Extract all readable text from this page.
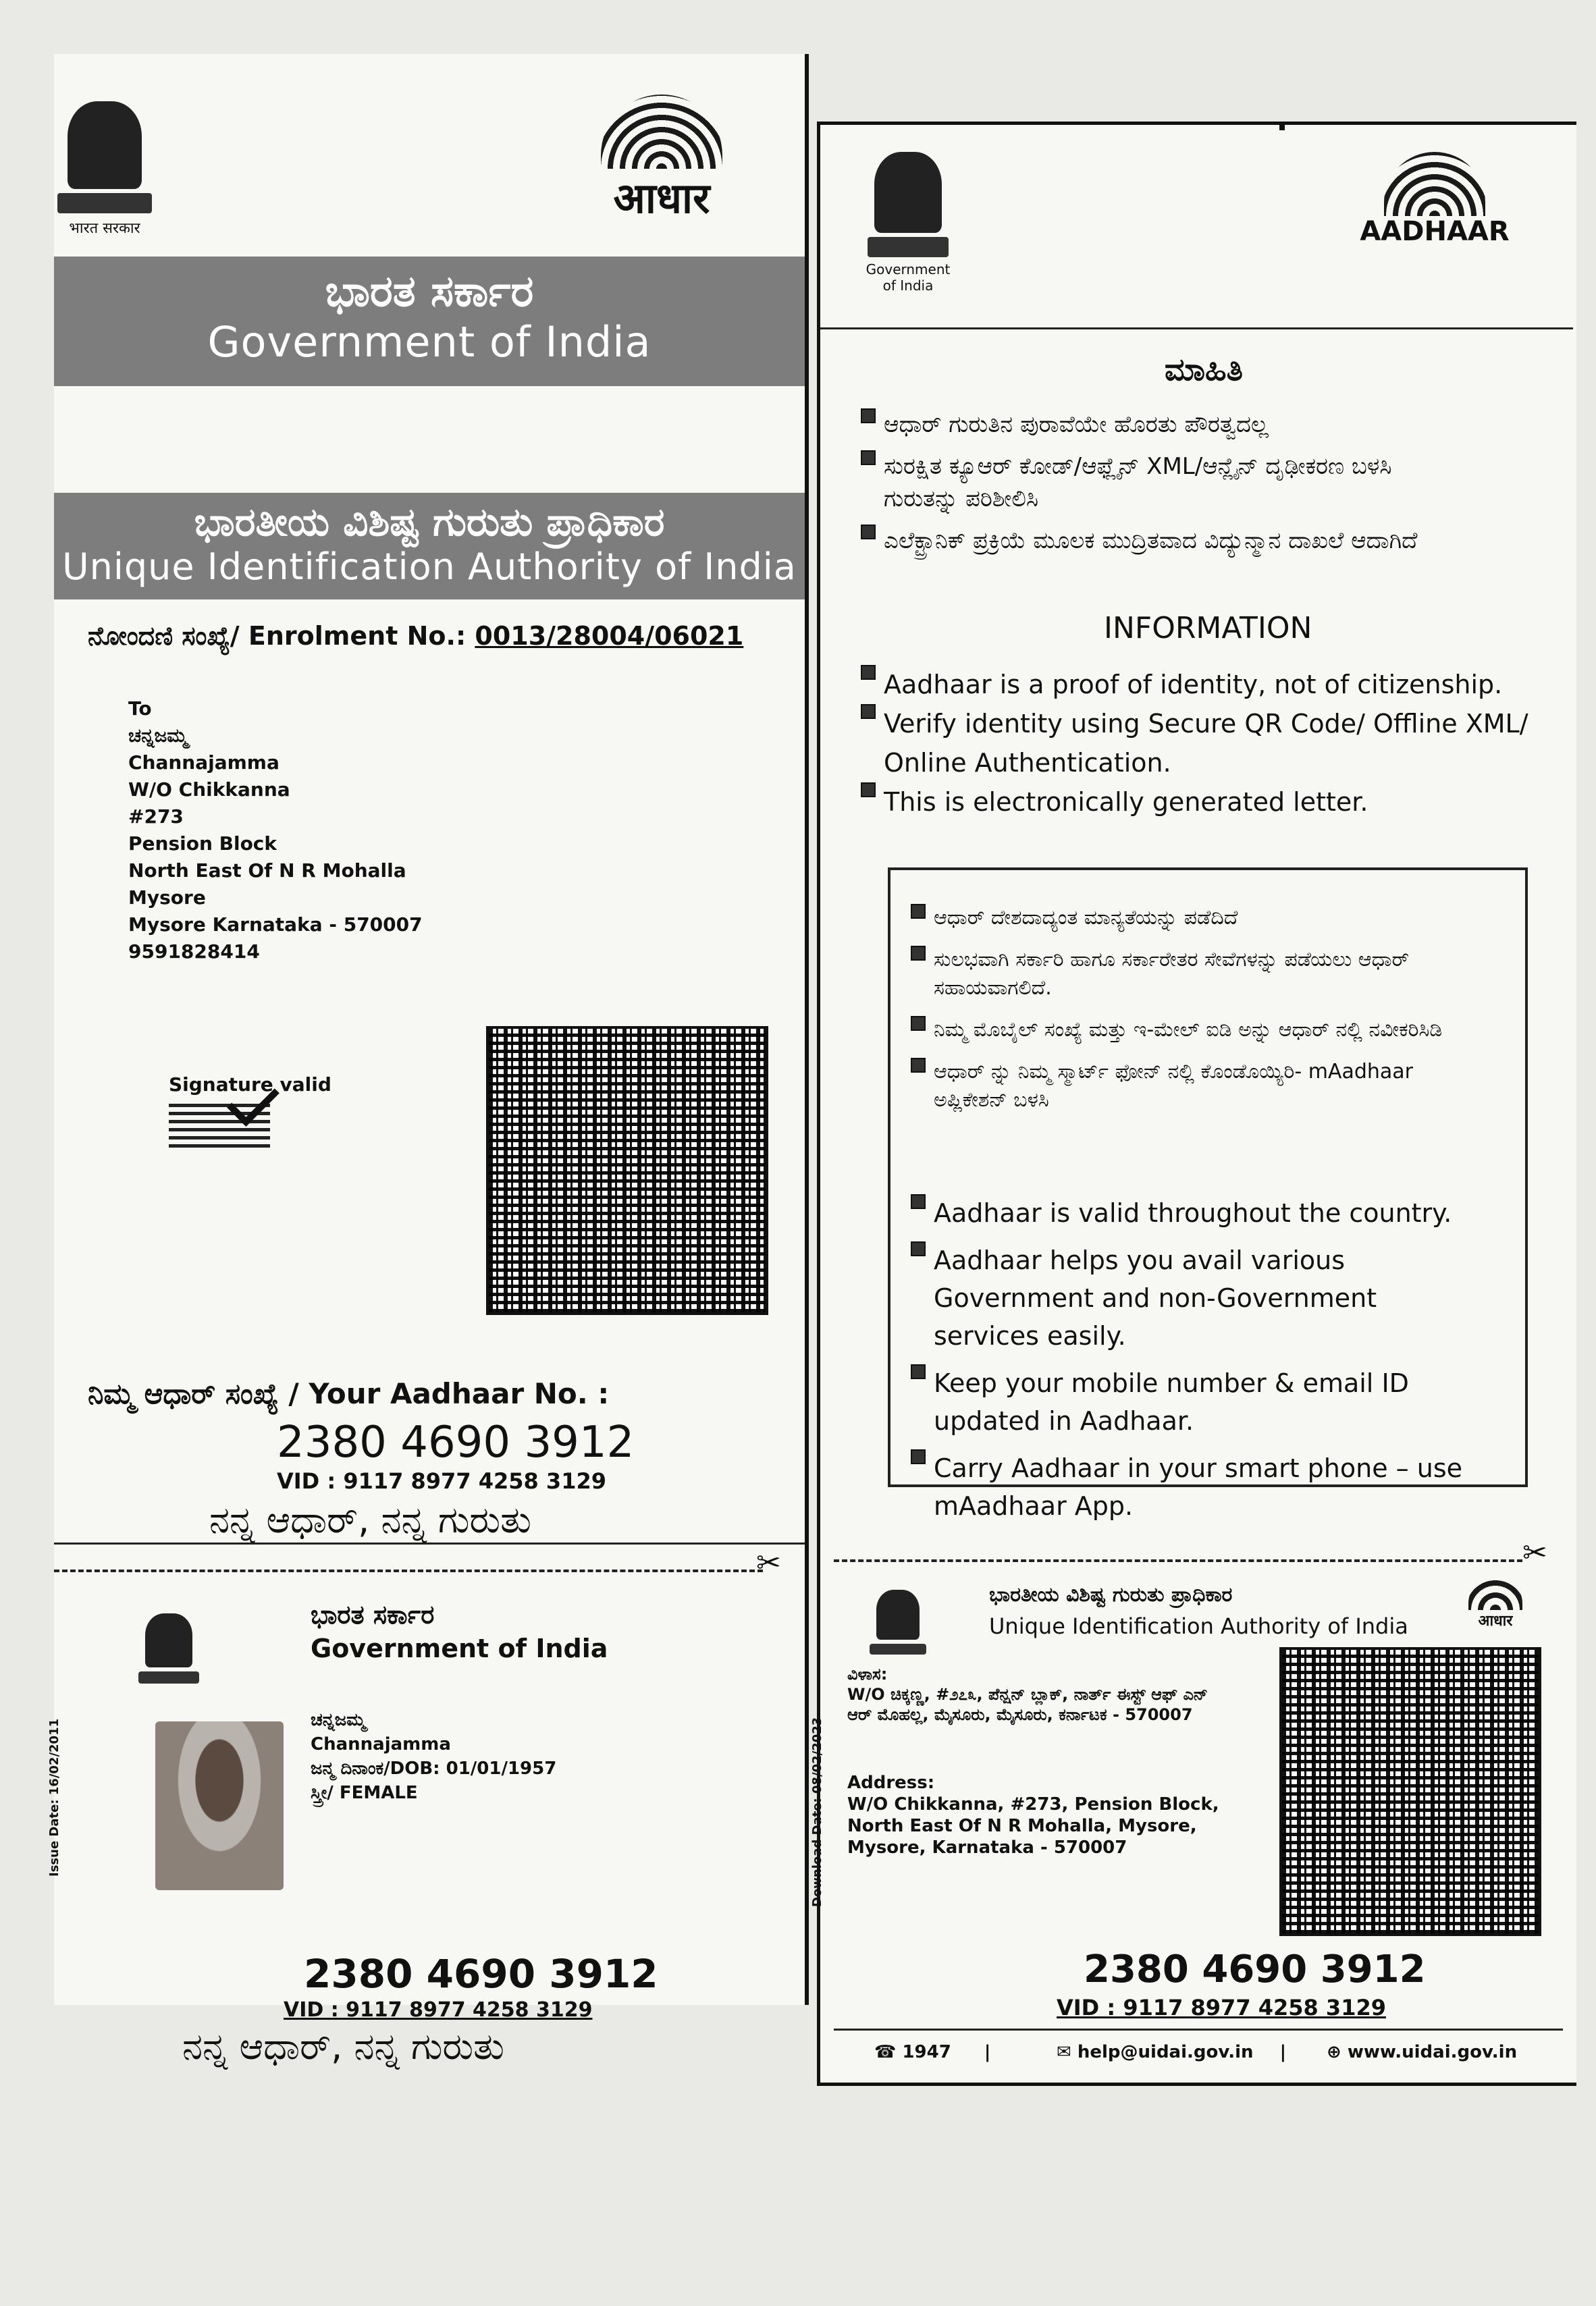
भारत सरकार
आधार
ಭಾರತ ಸರ್ಕಾರ
Government of India
ಭಾರತೀಯ ವಿಶಿಷ್ಟ ಗುರುತು ಪ್ರಾಧಿಕಾರ
Unique Identification Authority of India
ನೋಂದಣಿ ಸಂಖ್ಯೆ/ Enrolment No.: 0013/28004/06021
To
ಚನ್ನಜಮ್ಮ
Channajamma
W/O Chikkanna
#273
Pension Block
North East Of N R Mohalla
Mysore
Mysore Karnataka - 570007
9591828414
Signature valid
ನಿಮ್ಮ ಆಧಾರ್ ಸಂಖ್ಯೆ / Your Aadhaar No. :
2380 4690 3912
VID : 9117 8977 4258 3129
ನನ್ನ ಆಧಾರ್, ನನ್ನ ಗುರುತು
✂
ಭಾರತ ಸರ್ಕಾರ
Government of India
Issue Date: 16/02/2011	ಚನ್ನಜಮ್ಮ
Channajamma
ಜನ್ಮ ದಿನಾಂಕ/DOB: 01/01/1957
ಸ್ತ್ರೀ/ FEMALE
2380 4690 3912
VID : 9117 8977 4258 3129
ನನ್ನ ಆಧಾರ್, ನನ್ನ ಗುರುತು
Government of India
AADHAAR
ಮಾಹಿತಿ
ಆಧಾರ್ ಗುರುತಿನ ಪುರಾವೆಯೇ ಹೊರತು ಪೌರತ್ವದಲ್ಲ
ಸುರಕ್ಷಿತ ಕ್ಯೂಆರ್ ಕೋಡ್/ಆಫ್ಲೈನ್ XML/ಆನ್ಲೈನ್ ದೃಢೀಕರಣ ಬಳಸಿ ಗುರುತನ್ನು ಪರಿಶೀಲಿಸಿ
ಎಲೆಕ್ಟ್ರಾನಿಕ್ ಪ್ರಕ್ರಿಯೆ ಮೂಲಕ ಮುದ್ರಿತವಾದ ವಿದ್ಯುನ್ಮಾನ ದಾಖಲೆ ಆದಾಗಿದೆ
INFORMATION
Aadhaar is a proof of identity, not of citizenship.
Verify identity using Secure QR Code/ Offline XML/ Online Authentication.
This is electronically generated letter.
ಆಧಾರ್ ದೇಶದಾದ್ಯಂತ ಮಾನ್ಯತೆಯನ್ನು ಪಡೆದಿದೆ
ಸುಲಭವಾಗಿ ಸರ್ಕಾರಿ ಹಾಗೂ ಸರ್ಕಾರೇತರ ಸೇವೆಗಳನ್ನು ಪಡೆಯಲು ಆಧಾರ್ ಸಹಾಯವಾಗಲಿದೆ.
ನಿಮ್ಮ ಮೊಬೈಲ್ ಸಂಖ್ಯೆ ಮತ್ತು ಇ-ಮೇಲ್ ಐಡಿ ಅನ್ನು ಆಧಾರ್ ನಲ್ಲಿ ನವೀಕರಿಸಿಡಿ
ಆಧಾರ್ ನ್ನು ನಿಮ್ಮ ಸ್ಮಾರ್ಟ್ ಫೋನ್ ನಲ್ಲಿ ಕೊಂಡೊಯ್ಯಿರಿ- mAadhaar ಅಪ್ಲಿಕೇಶನ್ ಬಳಸಿ
Aadhaar is valid throughout the country.
Aadhaar helps you avail various Government and non-Government services easily.
Keep your mobile number & email ID updated in Aadhaar.
Carry Aadhaar in your smart phone – use mAadhaar App.
✂
ಭಾರತೀಯ ವಿಶಿಷ್ಟ ಗುರುತು ಪ್ರಾಧಿಕಾರ
Unique Identification Authority of India	आधार
Download Date: 08/02/2023
ವಿಳಾಸ:
W/O ಚಿಕ್ಕಣ್ಣ, #೨೭೩, ಪೆನ್ಷನ್ ಬ್ಲಾಕ್, ನಾರ್ತ್ ಈಸ್ಟ್ ಆಫ್ ಎನ್ ಆರ್ ಮೊಹಲ್ಲ, ಮೈಸೂರು, ಮೈಸೂರು, ಕರ್ನಾಟಕ - 570007
Address:
W/O Chikkanna, #273, Pension Block, North East Of N R Mohalla, Mysore, Mysore, Karnataka - 570007
2380 4690 3912
VID : 9117 8977 4258 3129
☎ 1947 |	✉ help@uidai.gov.in |	⊕ www.uidai.gov.in
